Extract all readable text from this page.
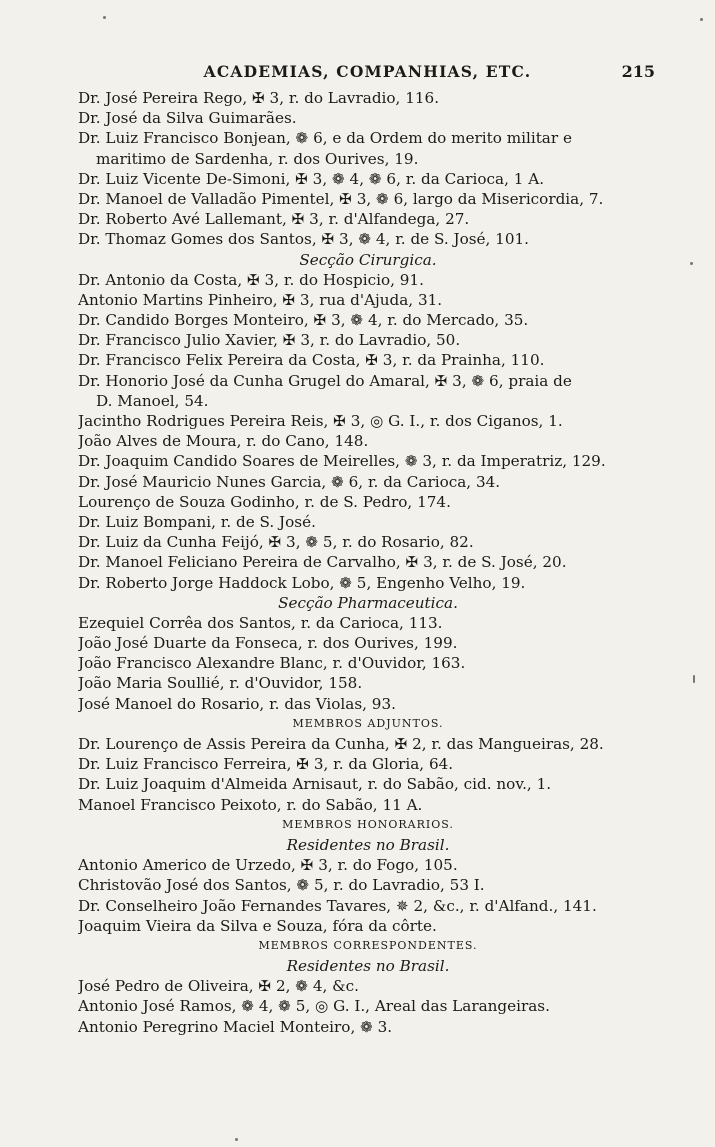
ACADEMIAS, COMPANHIAS, ETC.	215
Dr. José Pereira Rego, ✠ 3, r. do Lavradio, 116.
Dr. José da Silva Guimarães.
Dr. Luiz Francisco Bonjean, ❁ 6, e da Ordem do merito militar e
maritimo de Sardenha, r. dos Ourives, 19.
Dr. Luiz Vicente De-Simoni, ✠ 3, ❁ 4, ❁ 6, r. da Carioca, 1 A.
Dr. Manoel de Valladão Pimentel, ✠ 3, ❁ 6, largo da Misericordia, 7.
Dr. Roberto Avé Lallemant, ✠ 3, r. d'Alfandega, 27.
Dr. Thomaz Gomes dos Santos, ✠ 3, ❁ 4, r. de S. José, 101.
Secção Cirurgica.
Dr. Antonio da Costa, ✠ 3, r. do Hospicio, 91.
Antonio Martins Pinheiro, ✠ 3, rua d'Ajuda, 31.
Dr. Candido Borges Monteiro, ✠ 3, ❁ 4, r. do Mercado, 35.
Dr. Francisco Julio Xavier, ✠ 3, r. do Lavradio, 50.
Dr. Francisco Felix Pereira da Costa, ✠ 3, r. da Prainha, 110.
Dr. Honorio José da Cunha Grugel do Amaral, ✠ 3, ❁ 6, praia de
D. Manoel, 54.
Jacintho Rodrigues Pereira Reis, ✠ 3, ◎ G. I., r. dos Ciganos, 1.
João Alves de Moura, r. do Cano, 148.
Dr. Joaquim Candido Soares de Meirelles, ❁ 3, r. da Imperatriz, 129.
Dr. José Mauricio Nunes Garcia, ❁ 6, r. da Carioca, 34.
Lourenço de Souza Godinho, r. de S. Pedro, 174.
Dr. Luiz Bompani, r. de S. José.
Dr. Luiz da Cunha Feijó, ✠ 3, ❁ 5, r. do Rosario, 82.
Dr. Manoel Feliciano Pereira de Carvalho, ✠ 3, r. de S. José, 20.
Dr. Roberto Jorge Haddock Lobo, ❁ 5, Engenho Velho, 19.
Secção Pharmaceutica.
Ezequiel Corrêa dos Santos, r. da Carioca, 113.
João José Duarte da Fonseca, r. dos Ourives, 199.
João Francisco Alexandre Blanc, r. d'Ouvidor, 163.
João Maria Soullié, r. d'Ouvidor, 158.
José Manoel do Rosario, r. das Violas, 93.
MEMBROS ADJUNTOS.
Dr. Lourenço de Assis Pereira da Cunha, ✠ 2, r. das Mangueiras, 28.
Dr. Luiz Francisco Ferreira, ✠ 3, r. da Gloria, 64.
Dr. Luiz Joaquim d'Almeida Arnisaut, r. do Sabão, cid. nov., 1.
Manoel Francisco Peixoto, r. do Sabão, 11 A.
MEMBROS HONORARIOS.
Residentes no Brasil.
Antonio Americo de Urzedo, ✠ 3, r. do Fogo, 105.
Christovão José dos Santos, ❁ 5, r. do Lavradio, 53 I.
Dr. Conselheiro João Fernandes Tavares, ✵ 2, &c., r. d'Alfand., 141.
Joaquim Vieira da Silva e Souza, fóra da côrte.
MEMBROS CORRESPONDENTES.
Residentes no Brasil.
José Pedro de Oliveira, ✠ 2, ❁ 4, &c.
Antonio José Ramos, ❁ 4, ❁ 5, ◎ G. I., Areal das Larangeiras.
Antonio Peregrino Maciel Monteiro, ❁ 3.
